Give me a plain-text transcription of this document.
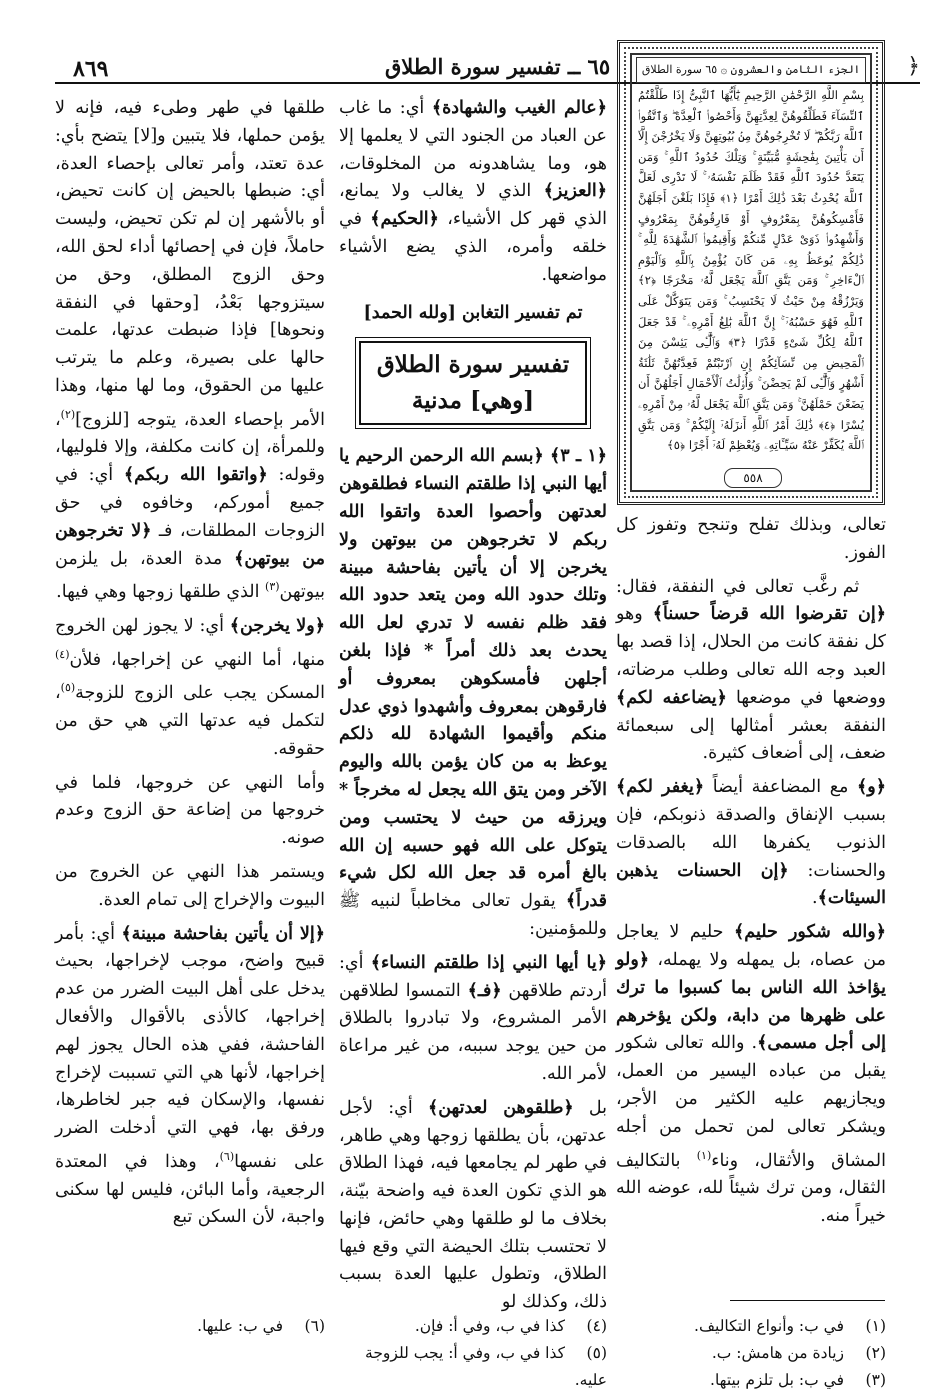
﴿
٦٥ ــ تفسير سورة الطلاق
٨٦٩	الجزء الثامن والعشرون ۞ ٦٥ سورة الطلاق
بِسْمِ اللَّهِ الرَّحْمَٰنِ الرَّحِيمِ يَٰٓأَيُّهَا ٱلنَّبِىُّ إِذَا طَلَّقْتُمُ ٱلنِّسَآءَ فَطَلِّقُوهُنَّ لِعِدَّتِهِنَّ وَأَحْصُوا۟ ٱلْعِدَّةَ ۖ وَٱتَّقُوا۟ ٱللَّهَ رَبَّكُمْ ۖ لَا تُخْرِجُوهُنَّ مِنۢ بُيُوتِهِنَّ وَلَا يَخْرُجْنَ إِلَّآ أَن يَأْتِينَ بِفَٰحِشَةٍ مُّبَيِّنَةٍ ۚ وَتِلْكَ حُدُودُ ٱللَّهِ ۚ وَمَن يَتَعَدَّ حُدُودَ ٱللَّهِ فَقَدْ ظَلَمَ نَفْسَهُۥ ۚ لَا تَدْرِى لَعَلَّ ٱللَّهَ يُحْدِثُ بَعْدَ ذَٰلِكَ أَمْرًا ﴿١﴾ فَإِذَا بَلَغْنَ أَجَلَهُنَّ فَأَمْسِكُوهُنَّ بِمَعْرُوفٍ أَوْ فَارِقُوهُنَّ بِمَعْرُوفٍ وَأَشْهِدُوا۟ ذَوَىْ عَدْلٍ مِّنكُمْ وَأَقِيمُوا۟ ٱلشَّهَٰدَةَ لِلَّهِ ۚ ذَٰلِكُمْ يُوعَظُ بِهِۦ مَن كَانَ يُؤْمِنُ بِٱللَّهِ وَٱلْيَوْمِ ٱلْءَاخِرِ ۚ وَمَن يَتَّقِ ٱللَّهَ يَجْعَل لَّهُۥ مَخْرَجًا ﴿٢﴾ وَيَرْزُقْهُ مِنْ حَيْثُ لَا يَحْتَسِبُ ۚ وَمَن يَتَوَكَّلْ عَلَى ٱللَّهِ فَهُوَ حَسْبُهُۥٓ ۚ إِنَّ ٱللَّهَ بَٰلِغُ أَمْرِهِۦ ۚ قَدْ جَعَلَ ٱللَّهُ لِكُلِّ شَىْءٍ قَدْرًا ﴿٣﴾ وَٱلَّٰٓـِٔى يَئِسْنَ مِنَ ٱلْمَحِيضِ مِن نِّسَآئِكُمْ إِنِ ٱرْتَبْتُمْ فَعِدَّتُهُنَّ ثَلَٰثَةُ أَشْهُرٍ وَٱلَّٰٓـِٔى لَمْ يَحِضْنَ ۚ وَأُو۟لَٰتُ ٱلْأَحْمَالِ أَجَلُهُنَّ أَن يَضَعْنَ حَمْلَهُنَّ ۚ وَمَن يَتَّقِ ٱللَّهَ يَجْعَل لَّهُۥ مِنْ أَمْرِهِۦ يُسْرًا ﴿٤﴾ ذَٰلِكَ أَمْرُ ٱللَّهِ أَنزَلَهُۥٓ إِلَيْكُمْ ۚ وَمَن يَتَّقِ ٱللَّهَ يُكَفِّرْ عَنْهُ سَيِّـَٔاتِهِۦ وَيُعْظِمْ لَهُۥٓ أَجْرًا ﴿٥﴾
٥٥٨

تعالى، وبذلك تفلح وتنجح وتفوز كل الفوز.

ثم رغَّب تعالى في النفقة، فقال: ﴿إن تقرضوا الله قرضاً حسناً﴾ وهو كل نفقة كانت من الحلال، إذا قصد بها العبد وجه الله تعالى وطلب مرضاته، ووضعها في موضعها ﴿يضاعفه لكم﴾ النفقة بعشر أمثالها إلى سبعمائة ضعف، إلى أضعاف كثيرة.

﴿و﴾ مع المضاعفة أيضاً ﴿يغفر لكم﴾ بسبب الإنفاق والصدقة ذنوبكم، فإن الذنوب يكفرها الله بالصدقات والحسنات: ﴿إن الحسنات يذهبن السيئات﴾.

﴿والله شكور حليم﴾ حليم لا يعاجل من عصاه، بل يمهله ولا يهمله، ﴿ولو يؤاخذ الله الناس بما كسبوا ما ترك على ظهرها من دابة، ولكن يؤخرهم إلى أجل مسمى﴾. والله تعالى شكور يقبل من عباده اليسير من العمل، ويجازيهم عليه الكثير من الأجر، ويشكر تعالى لمن تحمل من أجله المشاق والأثقال، وناء$^{(١)}$ بالتكاليف الثقال، ومن ترك شيئاً لله، عوضه الله خيراً منه.

﴿عالم الغيب والشهادة﴾ أي: ما غاب عن العباد من الجنود التي لا يعلمها إلا هو، وما يشاهدونه من المخلوقات، ﴿العزيز﴾ الذي لا يغالب ولا يمانع، الذي قهر كل الأشياء، ﴿الحكيم﴾ في خلقه وأمره، الذي يضع الأشياء مواضعها.

تم تفسير التغابن [ولله الحمد]
تفسير سورة الطلاق
[وهي] مدنية

﴿١ ـ ٣﴾ ﴿بسم الله الرحمن الرحيم يا أيها النبي إذا طلقتم النساء فطلقوهن لعدتهن وأحصوا العدة واتقوا الله ربكم لا تخرجوهن من بيوتهن ولا يخرجن إلا أن يأتين بفاحشة مبينة وتلك حدود الله ومن يتعد حدود الله فقد ظلم نفسه لا تدري لعل الله يحدث بعد ذلك أمراً * فإذا بلغن أجلهن فأمسكوهن بمعروف أو فارقوهن بمعروف وأشهدوا ذوي عدل منكم وأقيموا الشهادة لله ذلكم يوعظ به من كان يؤمن بالله واليوم الآخر ومن يتق الله يجعل له مخرجاً * ويرزقه من حيث لا يحتسب ومن يتوكل على الله فهو حسبه إن الله بالغ أمره قد جعل الله لكل شيء قدراً﴾ يقول تعالى مخاطباً لنبيه ﷺ وللمؤمنين:

﴿يا أيها النبي إذا طلقتم النساء﴾ أي: أردتم طلاقهن ﴿فـ﴾ التمسوا لطلاقهن الأمر المشروع، ولا تبادروا بالطلاق من حين يوجد سببه، من غير مراعاة لأمر الله.

بل ﴿طلقوهن لعدتهن﴾ أي: لأجل عدتهن، بأن يطلقها زوجها وهي طاهر، في طهر لم يجامعها فيه، فهذا الطلاق هو الذي تكون العدة فيه واضحة بيّنة، بخلاف ما لو طلقها وهي حائض، فإنها لا تحتسب بتلك الحيضة التي وقع فيها الطلاق، وتطول عليها العدة بسبب ذلك، وكذلك لو

طلقها في طهر وطىء فيه، فإنه لا يؤمن حملها، فلا يتبين و[لا] يتضح بأي: عدة تعتد، وأمر تعالى بإحصاء العدة، أي: ضبطها بالحيض إن كانت تحيض، أو بالأشهر إن لم تكن تحيض، وليست حاملاً، فإن في إحصائها أداء لحق الله، وحق الزوج المطلق، وحق من سيتزوجها بَعْدُ، [وحقها في النفقة ونحوها] فإذا ضبطت عدتها، علمت حالها على بصيرة، وعلم ما يترتب عليها من الحقوق، وما لها منها، وهذا الأمر بإحصاء العدة، يتوجه [للزوج]$^{(٢)}$، وللمرأة، إن كانت مكلفة، وإلا فلوليها، وقوله: ﴿واتقوا الله ربكم﴾ أي: في جميع أموركم، وخافوه في حق الزوجات المطلقات، فـ ﴿لا تخرجوهن من بيوتهن﴾ مدة العدة، بل يلزمن بيوتهن$^{(٣)}$ الذي طلقها زوجها وهي فيها.

﴿ولا يخرجن﴾ أي: لا يجوز لهن الخروج منها، أما النهي عن إخراجها، فلأن$^{(٤)}$ المسكن يجب على الزوج للزوجة$^{(٥)}$، لتكمل فيه عدتها التي هي حق من حقوقه.

وأما النهي عن خروجها، فلما في خروجها من إضاعة حق الزوج وعدم صونه.

ويستمر هذا النهي عن الخروج من البيوت والإخراج إلى تمام العدة.

﴿إلا أن يأتين بفاحشة مبينة﴾ أي: بأمر قبيح واضح، موجب لإخراجها، بحيث يدخل على أهل البيت الضرر من عدم إخراجها، كالأذى بالأقوال والأفعال الفاحشة، ففي هذه الحال يجوز لهم إخراجها، لأنها هي التي تسببت لإخراج نفسها، والإسكان فيه جبر لخاطرها، ورفق بها، فهي التي أدخلت الضرر على نفسها$^{(٦)}$، وهذا في المعتدة الرجعية، وأما البائن، فليس لها سكنى واجبة، لأن السكن تبع

(١)في ب: وأنواع التكاليف.
(٢)زيادة من هامش: ب.
(٣)في ب: بل تلزم بيتها.
(٤)كذا في ب، وفي أ: فإن.
(٥)كذا في ب، وفي أ: يجب للزوجة عليه.
(٦)في ب: عليها.
